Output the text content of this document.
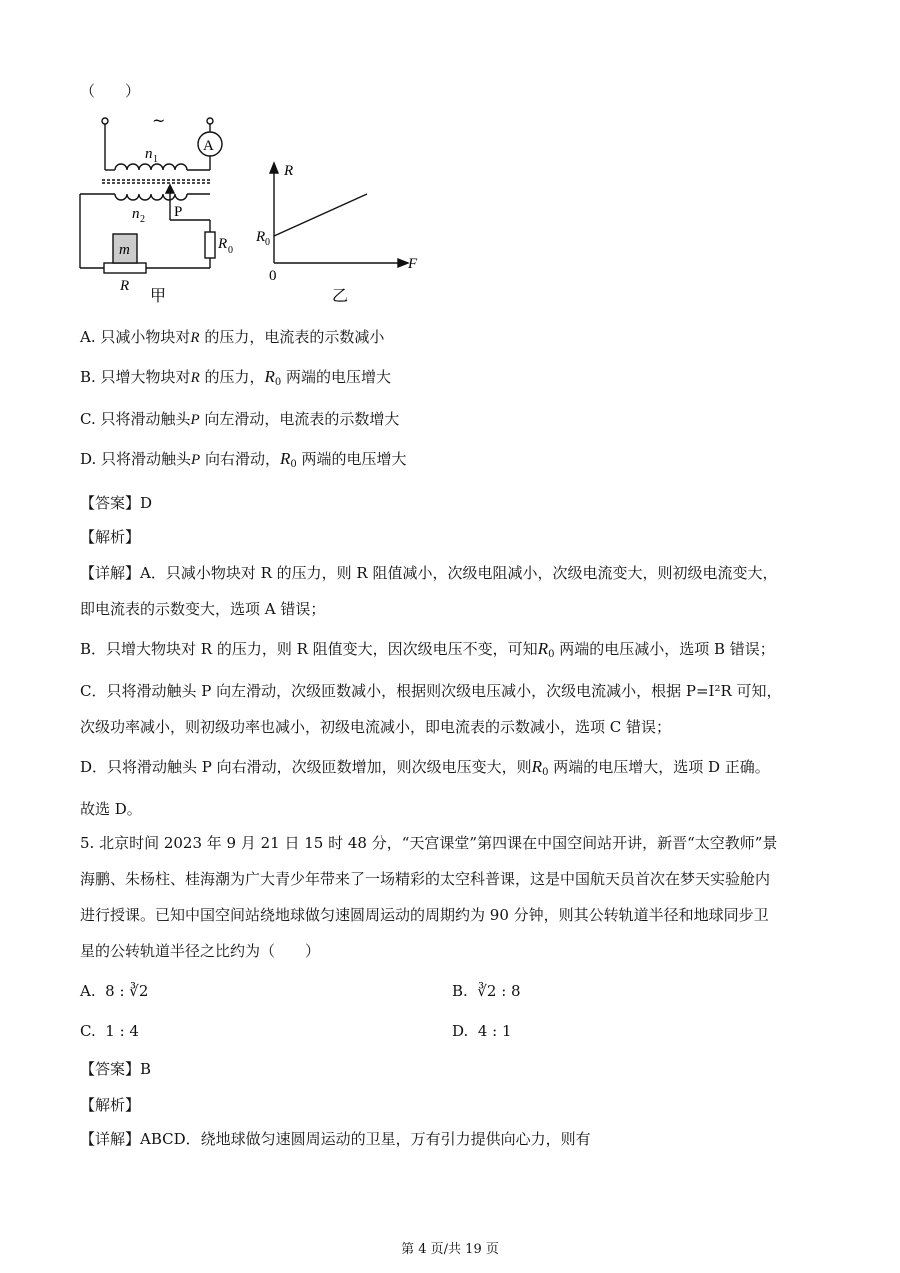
（　　）
~
A
n 1
n 2 P
m	R 0
R 甲
R
R 0
0
F
乙
A. 只减小物块对R 的压力，电流表的示数减小
B. 只增大物块对R 的压力，$R_0$ 两端的电压增大
C. 只将滑动触头P 向左滑动，电流表的示数增大
D. 只将滑动触头P 向右滑动，$R_0$ 两端的电压增大
【答案】D
【解析】
【详解】A．只减小物块对 R 的压力，则 R 阻值减小，次级电阻减小，次级电流变大，则初级电流变大，
即电流表的示数变大，选项 A 错误；
B．只增大物块对 R 的压力，则 R 阻值变大，因次级电压不变，可知$R_0$ 两端的电压减小，选项 B 错误；
C．只将滑动触头 P 向左滑动，次级匝数减小，根据则次级电压减小，次级电流减小，根据 P=I²R 可知，
次级功率减小，则初级功率也减小，初级电流减小，即电流表的示数减小，选项 C 错误；
D．只将滑动触头 P 向右滑动，次级匝数增加，则次级电压变大，则$R_0$ 两端的电压增大，选项 D 正确。
故选 D。
5. 北京时间 2023 年 9 月 21 日 15 时 48 分，“天宫课堂”第四课在中国空间站开讲，新晋“太空教师”景
海鹏、朱杨柱、桂海潮为广大青少年带来了一场精彩的太空科普课，这是中国航天员首次在梦天实验舱内
进行授课。已知中国空间站绕地球做匀速圆周运动的周期约为 90 分钟，则其公转轨道半径和地球同步卫
星的公转轨道半径之比约为（　　）
A. 8 : ∛2	B. ∛2 : 8
C. 1 : 4	D. 4 : 1
【答案】B
【解析】
【详解】ABCD．绕地球做匀速圆周运动的卫星，万有引力提供向心力，则有
第 4 页/共 19 页
